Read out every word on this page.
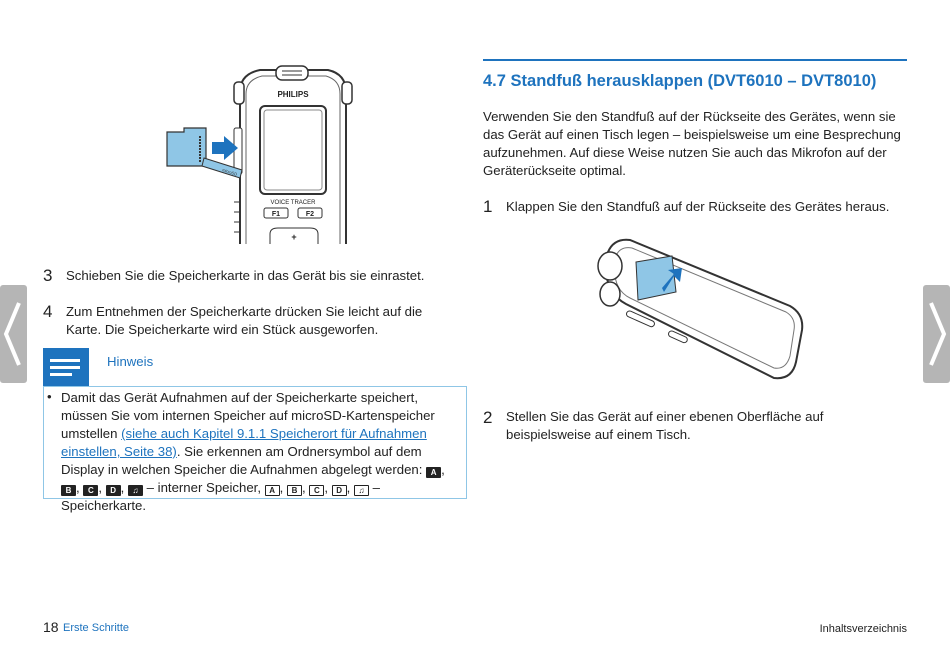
PHILIPS
VOICE TRACER
F1	F2
+
microSD
3 Schieben Sie die Speicherkarte in das Gerät bis sie einrastet.
4 Zum Entnehmen der Speicherkarte drücken Sie leicht auf die Karte. Die Speicherkarte wird ein Stück ausgeworfen.
Hinweis
• Damit das Gerät Aufnahmen auf der Speicherkarte speichert, müssen Sie vom internen Speicher auf microSD-Kartenspeicher umstellen (siehe auch Kapitel 9.1.1 Speicherort für Aufnahmen einstellen, Seite 38). Sie erkennen am Ordnersymbol auf dem Display in welchen Speicher die Aufnahmen abgelegt werden: A , B , C , D , ♫ – interner Speicher, A , B , C , D , ♫ – Speicherkarte.
4.7 Standfuß herausklappen (DVT6010 – DVT8010)
Verwenden Sie den Standfuß auf der Rückseite des Gerätes, wenn sie das Gerät auf einen Tisch legen – beispielsweise um eine Besprechung aufzunehmen. Auf diese Weise nutzen Sie auch das Mikrofon auf der Geräterückseite optimal.
1 Klappen Sie den Standfuß auf der Rückseite des Gerätes heraus.
2 Stellen Sie das Gerät auf einer ebenen Oberfläche auf beispielsweise auf einem Tisch.
18 Erste Schritte	Inhaltsverzeichnis
